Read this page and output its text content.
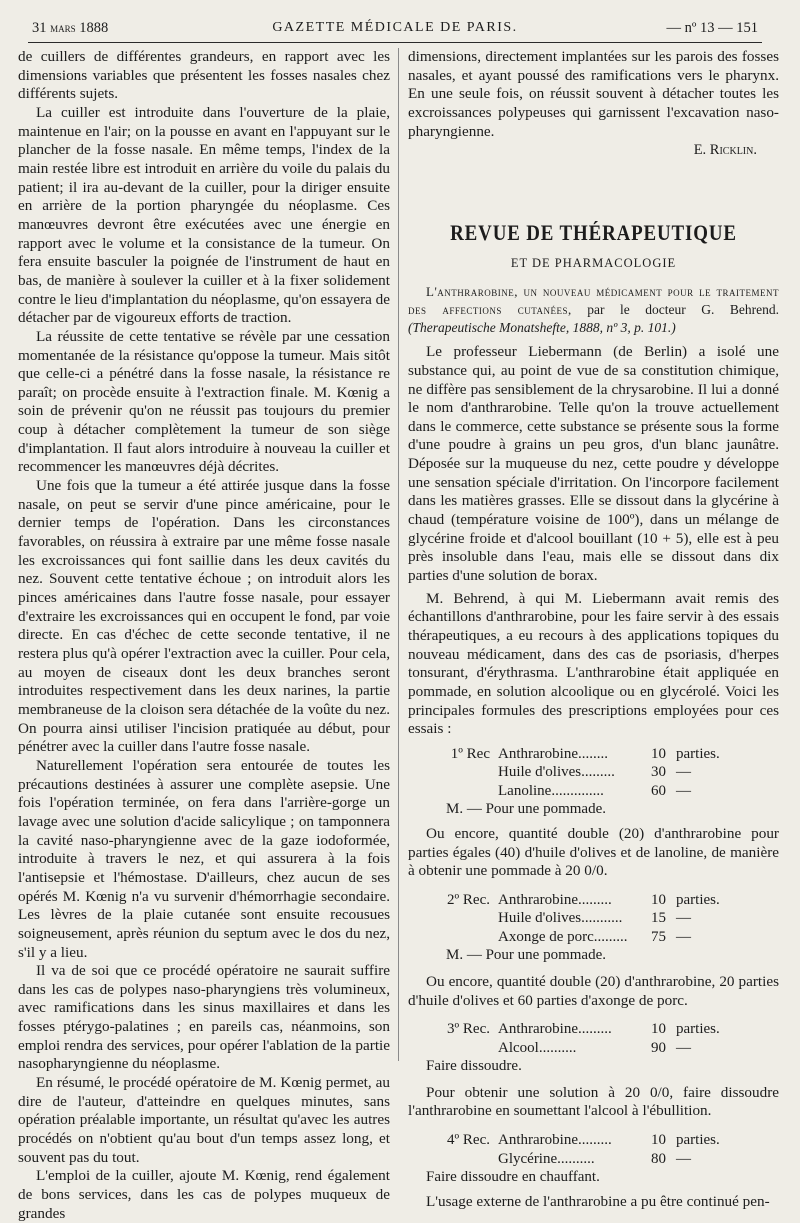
31 mars 1888	GAZETTE MÉDICALE DE PARIS.	— nº 13 — 151

de cuillers de différentes grandeurs, en rapport avec les dimensions variables que présentent les fosses nasales chez différents sujets.

La cuiller est introduite dans l'ouverture de la plaie, maintenue en l'air; on la pousse en avant en l'appuyant sur le plancher de la fosse nasale. En même temps, l'index de la main restée libre est introduit en arrière du voile du palais du patient; il ira au-devant de la cuiller, pour la diriger ensuite en arrière de la portion pharyngée du néoplasme. Ces manœuvres devront être exécutées avec une énergie en rapport avec le volume et la consistance de la tumeur. On fera ensuite basculer la poignée de l'instrument de haut en bas, de manière à soulever la cuiller et à la fixer solidement contre le lieu d'implantation du néoplasme, qu'on essayera de détacher par de vigoureux efforts de traction.

La réussite de cette tentative se révèle par une cessation momentanée de la résistance qu'oppose la tumeur. Mais sitôt que celle-ci a pénétré dans la fosse nasale, la résistance re paraît; on procède ensuite à l'extraction finale. M. Kœnig a soin de prévenir qu'on ne réussit pas toujours du premier coup à détacher complètement la tumeur de son siège d'implantation. Il faut alors introduire à nouveau la cuiller et recommencer les manœuvres déjà décrites.

Une fois que la tumeur a été attirée jusque dans la fosse nasale, on peut se servir d'une pince américaine, pour le dernier temps de l'opération. Dans les circonstances favorables, on réussira à extraire par une même fosse nasale les excroissances qui font saillie dans les deux cavités du nez. Souvent cette tentative échoue ; on introduit alors les pinces américaines dans l'autre fosse nasale, pour essayer d'extraire les excroissances qui en occupent le fond, par voie directe. En cas d'échec de cette seconde tentative, il ne restera plus qu'à opérer l'extraction avec la cuiller. Pour cela, au moyen de ciseaux dont les deux branches seront introduites respectivement dans les deux narines, la partie membraneuse de la cloison sera détachée de la voûte du nez. On pourra ainsi utiliser l'incision pratiquée au début, pour pénétrer avec la cuiller dans l'autre fosse nasale.

Naturellement l'opération sera entourée de toutes les précautions destinées à assurer une complète asepsie. Une fois l'opération terminée, on fera dans l'arrière-gorge un lavage avec une solution d'acide salicylique ; on tamponnera la cavité naso-pharyngienne avec de la gaze iodoformée, introduite à travers le nez, et qui assurera à la fois l'antisepsie et l'hémostase. D'ailleurs, chez aucun de ses opérés M. Kœnig n'a vu survenir d'hémorrhagie secondaire. Les lèvres de la plaie cutanée sont ensuite recousues soigneusement, après réunion du septum avec le dos du nez, s'il y a lieu.

Il va de soi que ce procédé opératoire ne saurait suffire dans les cas de polypes naso-pharyngiens très volumineux, avec ramifications dans les sinus maxillaires et dans les fosses ptérygo-palatines ; en pareils cas, néanmoins, son emploi rendra des services, pour opérer l'ablation de la partie nasopharyngienne du néoplasme.

En résumé, le procédé opératoire de M. Kœnig permet, au dire de l'auteur, d'atteindre en quelques minutes, sans opération préalable importante, un résultat qu'avec les autres procédés on n'obtient qu'au bout d'un temps assez long, et souvent pas du tout.

L'emploi de la cuiller, ajoute M. Kœnig, rend également de bons services, dans les cas de polypes muqueux de grandes

dimensions, directement implantées sur les parois des fosses nasales, et ayant poussé des ramifications vers le pharynx. En une seule fois, on réussit souvent à détacher toutes les excroissances polypeuses qui garnissent l'excavation naso-pharyngienne.

E. Ricklin.

REVUE DE THÉRAPEUTIQUE
ET DE PHARMACOLOGIE

L'anthrarobine, un nouveau médicament pour le traitement des affections cutanées, par le docteur G. Behrend. (Therapeutische Monatshefte, 1888, nº 3, p. 101.)

Le professeur Liebermann (de Berlin) a isolé une substance qui, au point de vue de sa constitution chimique, ne diffère pas sensiblement de la chrysarobine. Il lui a donné le nom d'anthrarobine. Telle qu'on la trouve actuellement dans le commerce, cette substance se présente sous la forme d'une poudre à grains un peu gros, d'un blanc jaunâtre. Déposée sur la muqueuse du nez, cette poudre y développe une sensation spéciale d'irritation. On l'incorpore facilement dans les matières grasses. Elle se dissout dans la glycérine à chaud (température voisine de 100º), dans un mélange de glycérine froide et d'alcool bouillant (10 + 5), elle est à peu près insoluble dans l'eau, mais elle se dissout dans dix parties d'une solution de borax.

M. Behrend, à qui M. Liebermann avait remis des échantillons d'anthrarobine, pour les faire servir à des essais thérapeutiques, a eu recours à des applications topiques du nouveau médicament, dans des cas de psoriasis, d'herpes tonsurant, d'érythrasma. L'anthrarobine était appliquée en pommade, en solution alcoolique ou en glycérolé. Voici les principales formules des prescriptions employées pour ces essais :

1º Rec Anthrarobine........	10 parties.
Huile d'olives.........	30 —
Lanoline..............	60 —
M. — Pour une pommade.

Ou encore, quantité double (20) d'anthrarobine pour parties égales (40) d'huile d'olives et de lanoline, de manière à obtenir une pommade à 20 0/0.

2º Rec. Anthrarobine.........	10 parties.
Huile d'olives...........	15 —
Axonge de porc.........	75 —
M. — Pour une pommade.

Ou encore, quantité double (20) d'anthrarobine, 20 parties d'huile d'olives et 60 parties d'axonge de porc.

3º Rec. Anthrarobine.........	10 parties.
Alcool..........	90 —
Faire dissoudre.

Pour obtenir une solution à 20 0/0, faire dissoudre l'anthrarobine en soumettant l'alcool à l'ébullition.

4º Rec. Anthrarobine.........	10 parties.
Glycérine..........	80 —
Faire dissoudre en chauffant.

L'usage externe de l'anthrarobine a pu être continué pen-
